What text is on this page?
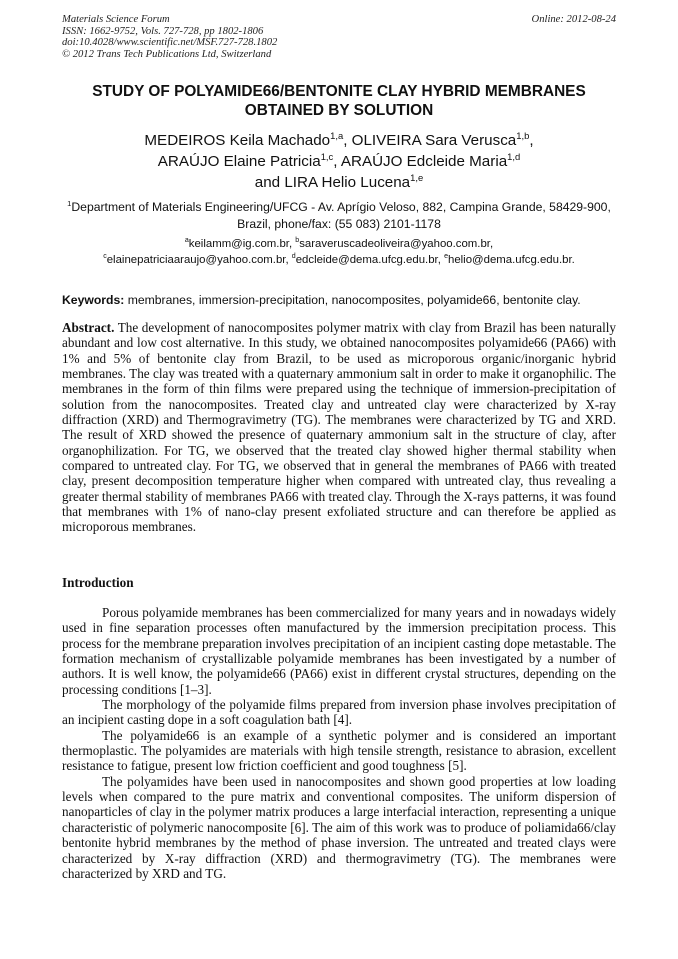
Materials Science Forum
ISSN: 1662-9752, Vols. 727-728, pp 1802-1806
doi:10.4028/www.scientific.net/MSF.727-728.1802
© 2012 Trans Tech Publications Ltd, Switzerland
Online: 2012-08-24
STUDY OF POLYAMIDE66/BENTONITE CLAY HYBRID MEMBRANES
OBTAINED BY SOLUTION
MEDEIROS Keila Machado$^{1,a}$, OLIVEIRA Sara Verusca$^{1,b}$,
ARAÚJO Elaine Patricia$^{1,c}$, ARAÚJO Edcleide Maria$^{1,d}$
and LIRA Helio Lucena$^{1,e}$
$^1$Department of Materials Engineering/UFCG - Av. Aprígio Veloso, 882, Campina Grande, 58429-900, Brazil, phone/fax: (55 083) 2101-1178
$^a$keilamm@ig.com.br, $^b$saraveruscadeoliveira@yahoo.com.br,
$^c$elainepatriciaaraujo@yahoo.com.br, $^d$edcleide@dema.ufcg.edu.br, $^e$helio@dema.ufcg.edu.br.
Keywords: membranes, immersion-precipitation, nanocomposites, polyamide66, bentonite clay.
Abstract. The development of nanocomposites polymer matrix with clay from Brazil has been naturally abundant and low cost alternative. In this study, we obtained nanocomposites polyamide66 (PA66) with 1% and 5% of bentonite clay from Brazil, to be used as microporous organic/inorganic hybrid membranes. The clay was treated with a quaternary ammonium salt in order to make it organophilic. The membranes in the form of thin films were prepared using the technique of immersion-precipitation of solution from the nanocomposites. Treated clay and untreated clay were characterized by X-ray diffraction (XRD) and Thermogravimetry (TG). The membranes were characterized by TG and XRD. The result of XRD showed the presence of quaternary ammonium salt in the structure of clay, after organophilization. For TG, we observed that the treated clay showed higher thermal stability when compared to untreated clay. For TG, we observed that in general the membranes of PA66 with treated clay, present decomposition temperature higher when compared with untreated clay, thus revealing a greater thermal stability of membranes PA66 with treated clay. Through the X-rays patterns, it was found that membranes with 1% of nano-clay present exfoliated structure and can therefore be applied as microporous membranes.
Introduction

Porous polyamide membranes has been commercialized for many years and in nowadays widely used in fine separation processes often manufactured by the immersion precipitation process. This process for the membrane preparation involves precipitation of an incipient casting dope metastable. The formation mechanism of crystallizable polyamide membranes has been investigated by a number of authors. It is well know, the polyamide66 (PA66) exist in different crystal structures, depending on the processing conditions [1–3].

The morphology of the polyamide films prepared from inversion phase involves precipitation of an incipient casting dope in a soft coagulation bath [4].

The polyamide66 is an example of a synthetic polymer and is considered an important thermoplastic. The polyamides are materials with high tensile strength, resistance to abrasion, excellent resistance to fatigue, present low friction coefficient and good toughness [5].

The polyamides have been used in nanocomposites and shown good properties at low loading levels when compared to the pure matrix and conventional composites. The uniform dispersion of nanoparticles of clay in the polymer matrix produces a large interfacial interaction, representing a unique characteristic of polymeric nanocomposite [6]. The aim of this work was to produce of poliamida66/clay bentonite hybrid membranes by the method of phase inversion. The untreated and treated clays were characterized by X-ray diffraction (XRD) and thermogravimetry (TG). The membranes were characterized by XRD and TG.
